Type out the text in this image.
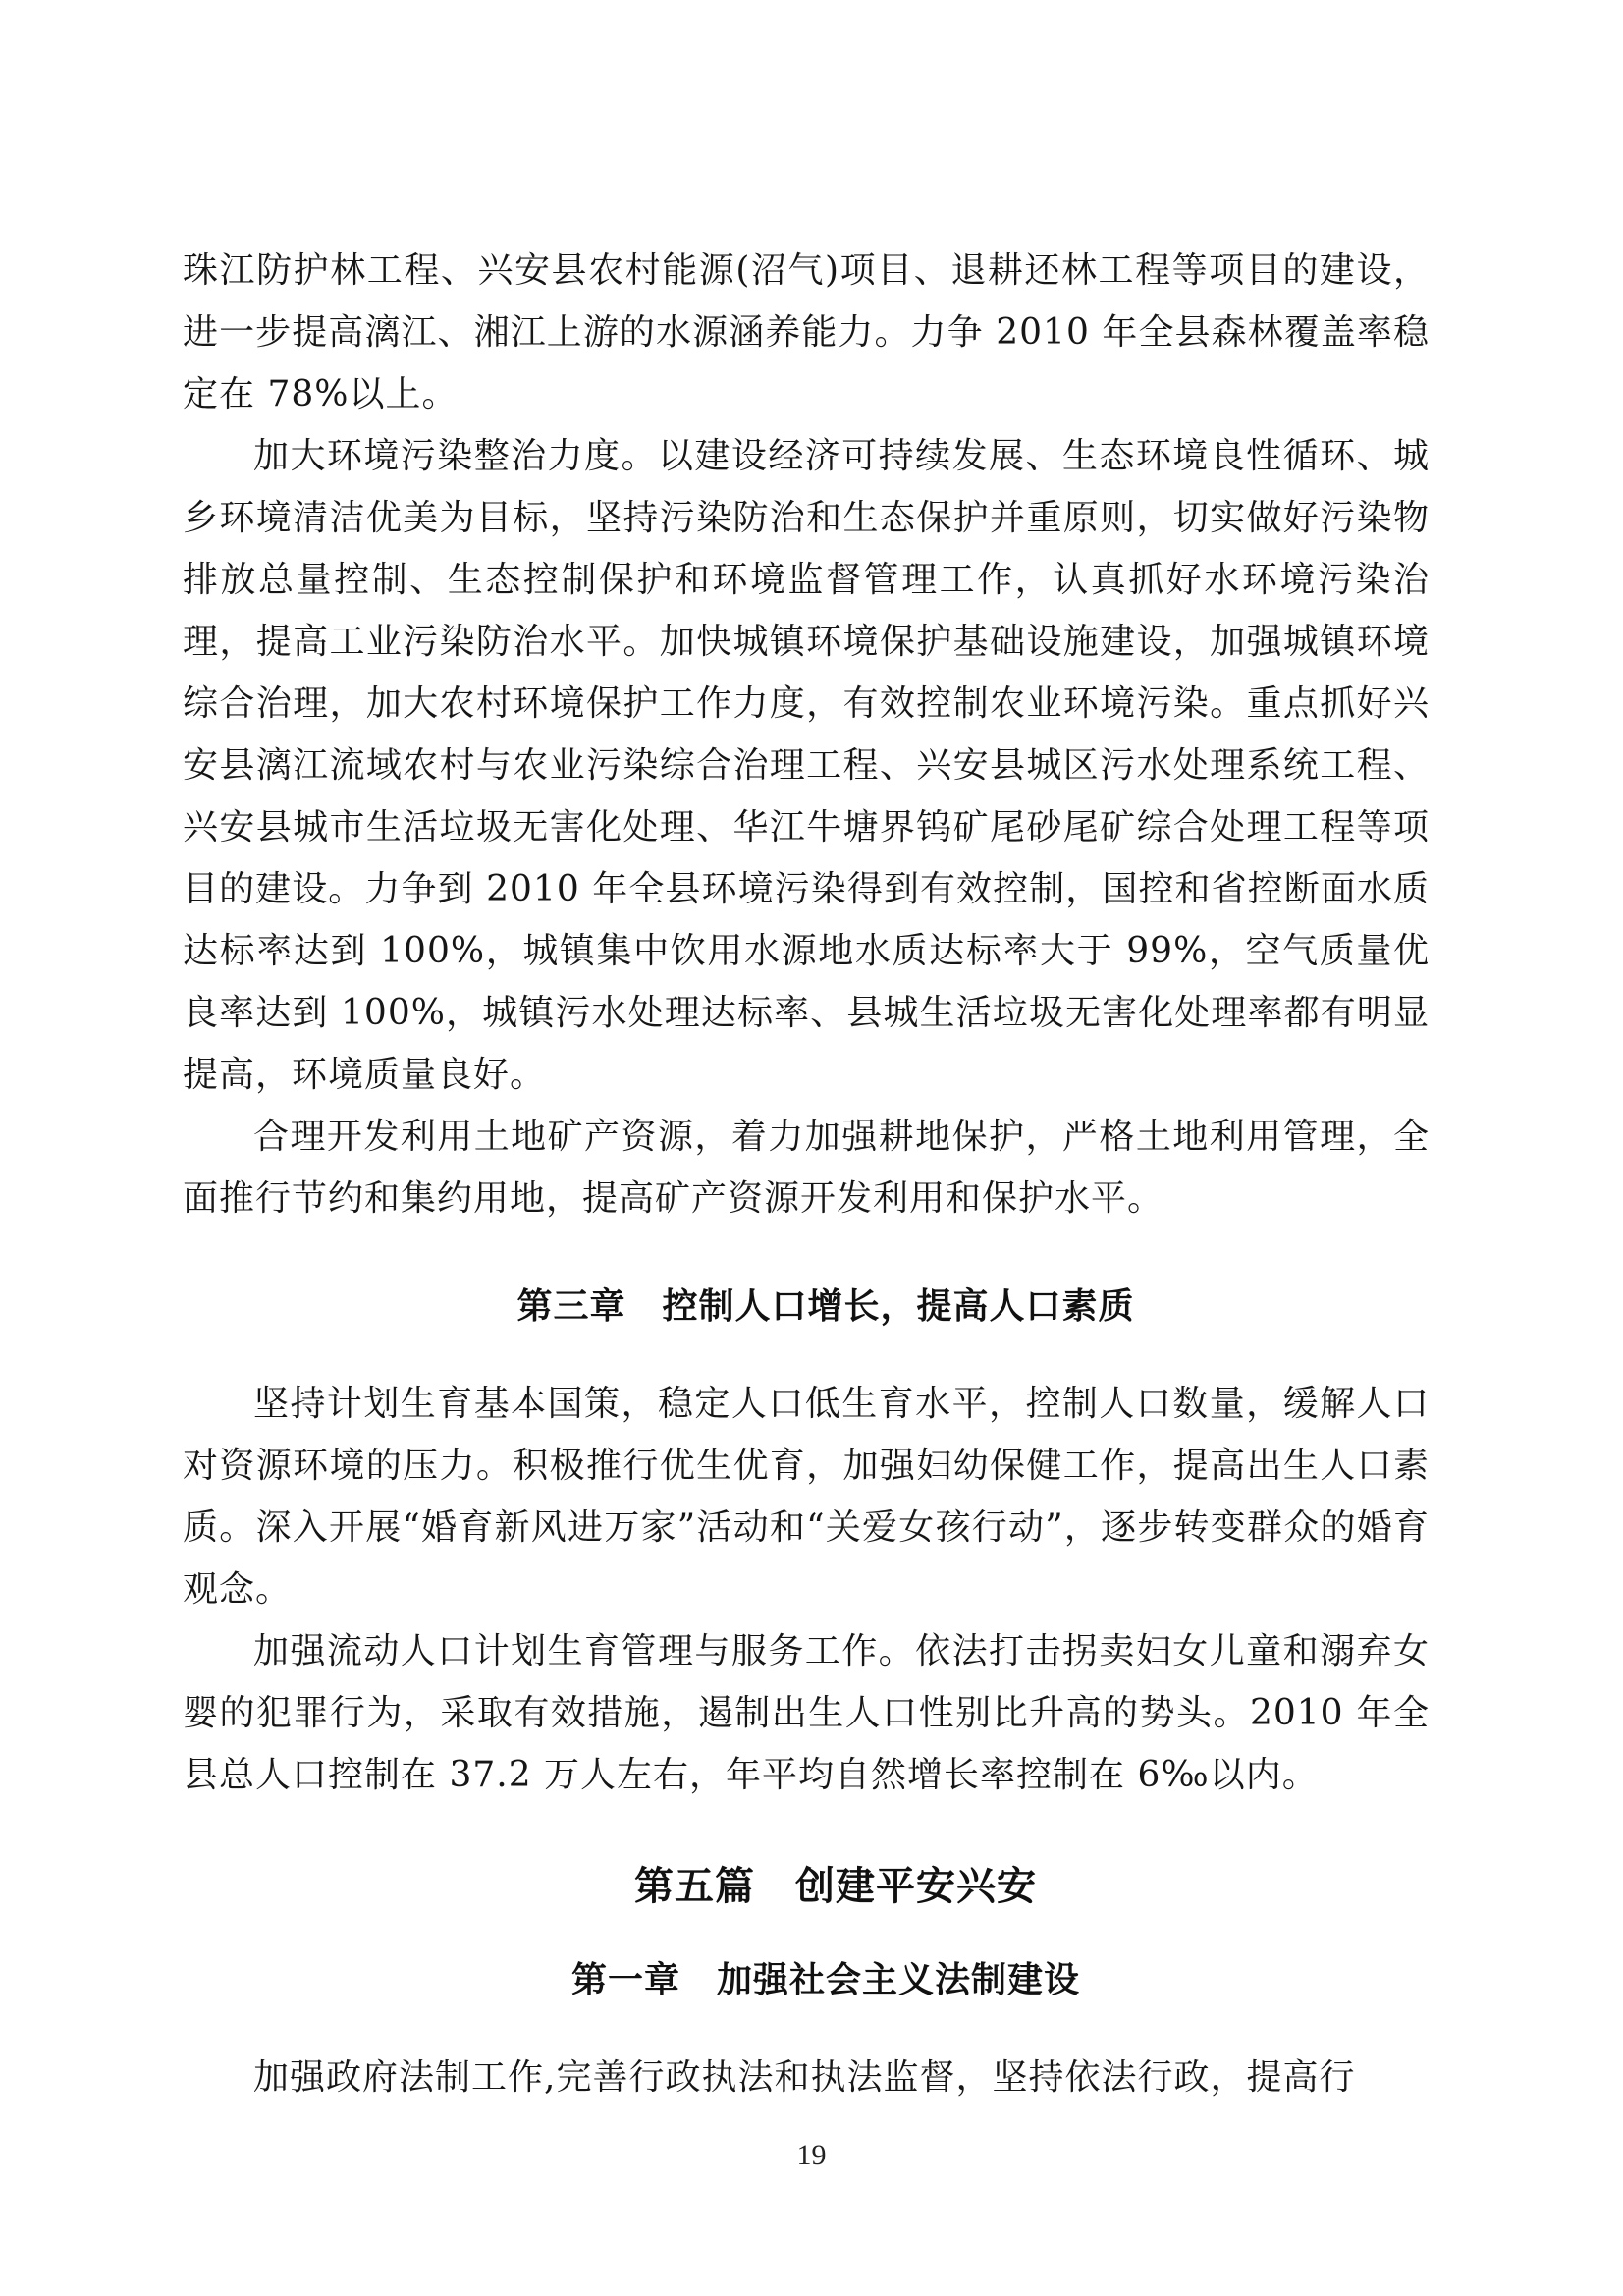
珠江防护林工程、兴安县农村能源(沼气)项目、退耕还林工程等项目的建设，进一步提高漓江、湘江上游的水源涵养能力。力争 2010 年全县森林覆盖率稳定在 78%以上。

加大环境污染整治力度。以建设经济可持续发展、生态环境良性循环、城乡环境清洁优美为目标，坚持污染防治和生态保护并重原则，切实做好污染物排放总量控制、生态控制保护和环境监督管理工作，认真抓好水环境污染治理，提高工业污染防治水平。加快城镇环境保护基础设施建设，加强城镇环境综合治理，加大农村环境保护工作力度，有效控制农业环境污染。重点抓好兴安县漓江流域农村与农业污染综合治理工程、兴安县城区污水处理系统工程、兴安县城市生活垃圾无害化处理、华江牛塘界钨矿尾砂尾矿综合处理工程等项目的建设。力争到 2010 年全县环境污染得到有效控制，国控和省控断面水质达标率达到 100%，城镇集中饮用水源地水质达标率大于 99%，空气质量优良率达到 100%，城镇污水处理达标率、县城生活垃圾无害化处理率都有明显提高，环境质量良好。

合理开发利用土地矿产资源，着力加强耕地保护，严格土地利用管理，全面推行节约和集约用地，提高矿产资源开发利用和保护水平。

第三章　控制人口增长，提高人口素质

坚持计划生育基本国策，稳定人口低生育水平，控制人口数量，缓解人口对资源环境的压力。积极推行优生优育，加强妇幼保健工作，提高出生人口素质。深入开展“婚育新风进万家”活动和“关爱女孩行动”，逐步转变群众的婚育观念。

加强流动人口计划生育管理与服务工作。依法打击拐卖妇女儿童和溺弃女婴的犯罪行为，采取有效措施，遏制出生人口性别比升高的势头。2010 年全县总人口控制在 37.2 万人左右，年平均自然增长率控制在 6‰以内。

第五篇　创建平安兴安
第一章　加强社会主义法制建设

加强政府法制工作,完善行政执法和执法监督，坚持依法行政，提高行

19
